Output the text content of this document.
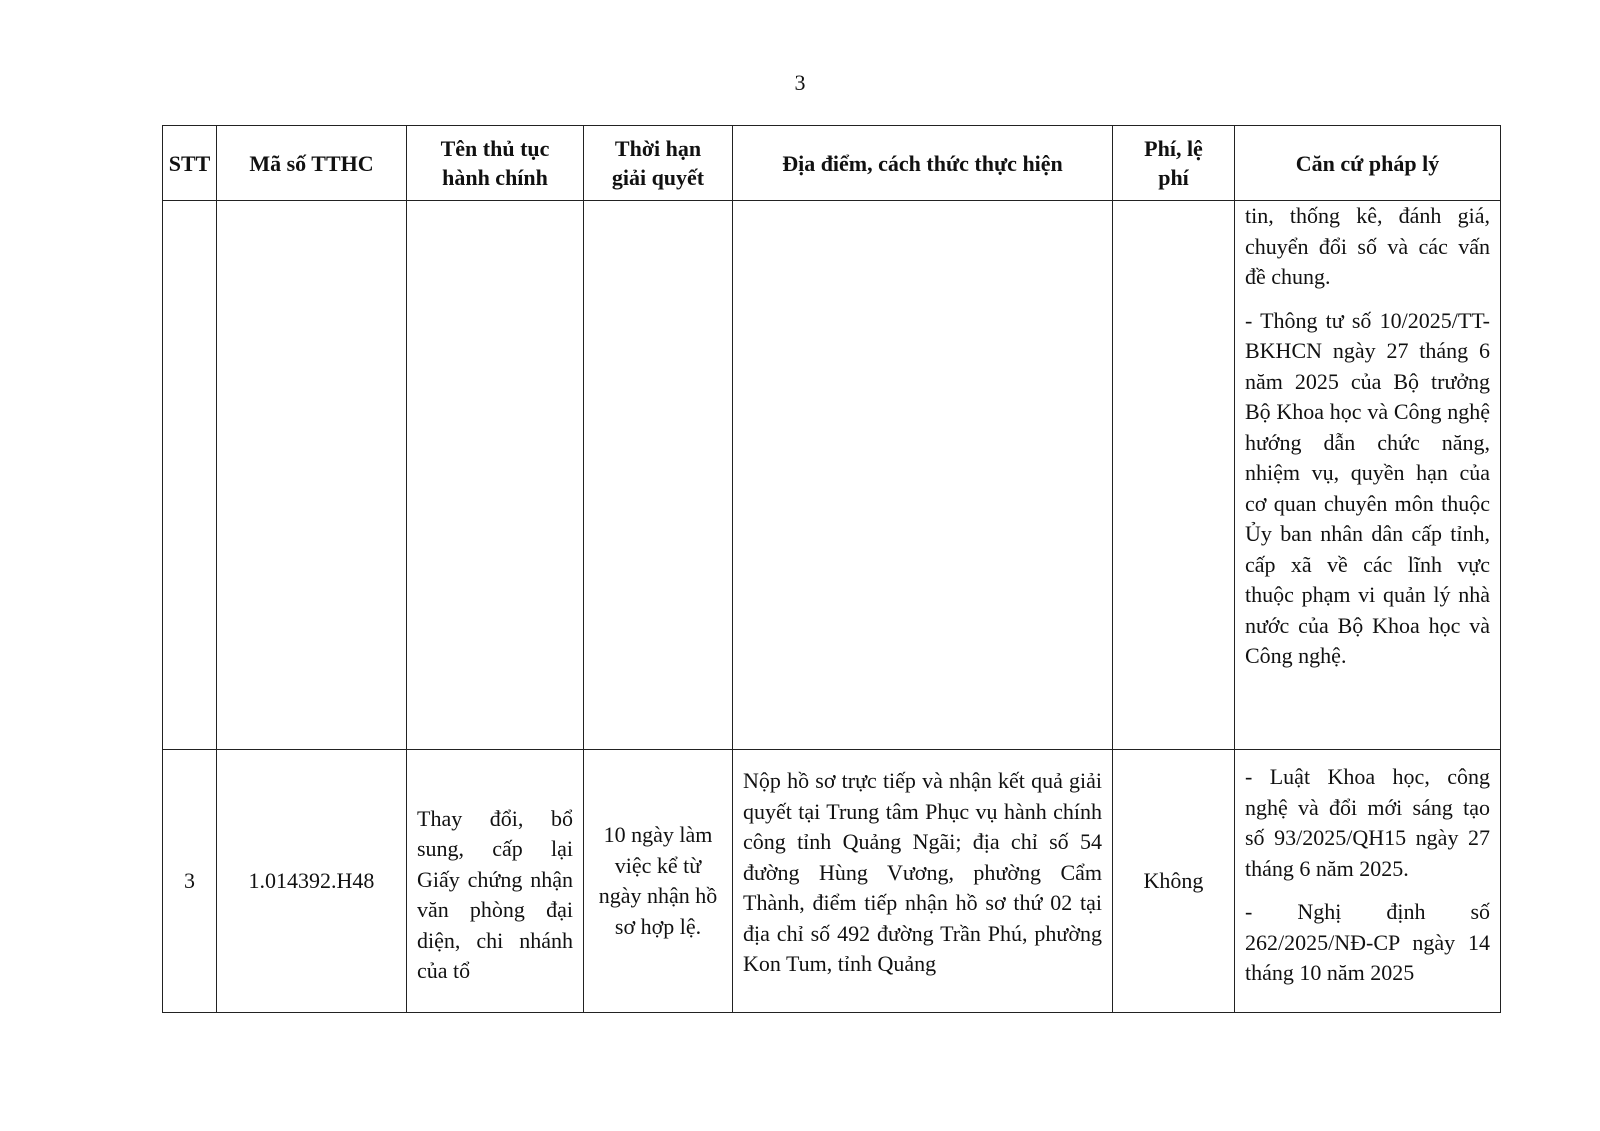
3
STT	Mã số TTHC	Tên thủ tục hành chính	Thời hạn giải quyết	Địa điểm, cách thức thực hiện	Phí, lệ phí	Căn cứ pháp lý

						tin, thống kê, đánh giá, chuyển đổi số và các vấn đề chung.

- Thông tư số 10/2025/TT-BKHCN ngày 27 tháng 6 năm 2025 của Bộ trưởng Bộ Khoa học và Công nghệ hướng dẫn chức năng, nhiệm vụ, quyền hạn của cơ quan chuyên môn thuộc Ủy ban nhân dân cấp tỉnh, cấp xã về các lĩnh vực thuộc phạm vi quản lý nhà nước của Bộ Khoa học và Công nghệ.

3	1.014392.H48	Thay đổi, bổ sung, cấp lại Giấy chứng nhận văn phòng đại diện, chi nhánh của tổ	10 ngày làm việc kể từ ngày nhận hồ sơ hợp lệ.	Nộp hồ sơ trực tiếp và nhận kết quả giải quyết tại Trung tâm Phục vụ hành chính công tỉnh Quảng Ngãi; địa chỉ số 54 đường Hùng Vương, phường Cẩm Thành, điểm tiếp nhận hồ sơ thứ 02 tại địa chỉ số 492 đường Trần Phú, phường Kon Tum, tỉnh Quảng	Không	- Luật Khoa học, công nghệ và đổi mới sáng tạo số 93/2025/QH15 ngày 27 tháng 6 năm 2025.

- Nghị định số 262/2025/NĐ-CP ngày 14 tháng 10 năm 2025
